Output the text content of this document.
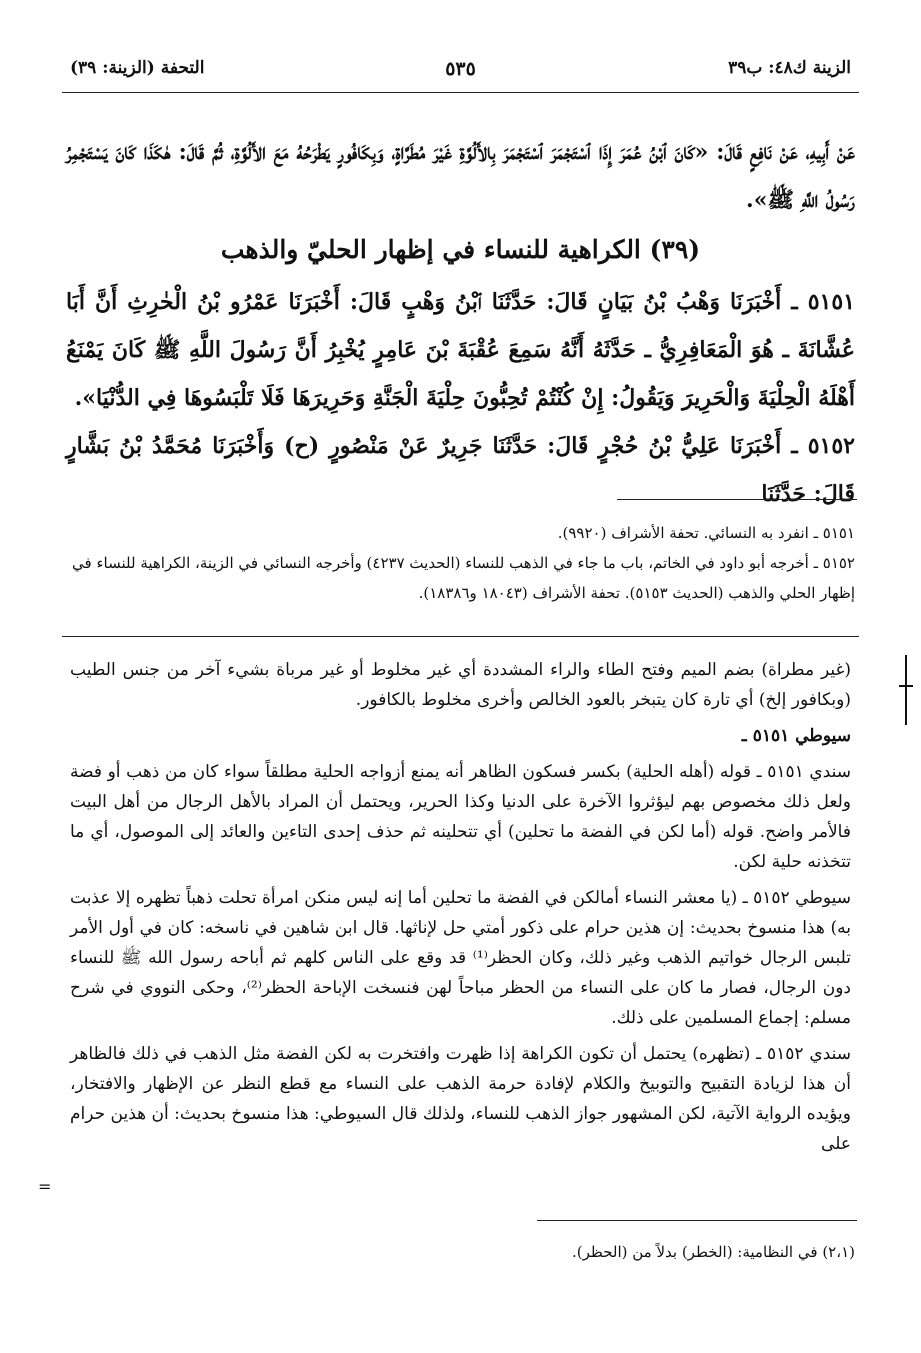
الزينة ك٤٨: ب٣٩
٥٣٥
التحفة (الزينة: ٣٩)

عَنْ أَبِيهِ، عَنْ نَافِعٍ قَالَ: «كَانَ ٱبْنُ عُمَرَ إِذَا ٱسْتَجْمَرَ ٱسْتَجْمَرَ بِالأَلُوَّةِ غَيْرَ مُطَرَّاةٍ، وَبِكَافُورٍ يَطْرَحُهُ مَعَ الأَلُوَّةِ، ثُمَّ قَالَ: هٰكَذَا كَانَ يَسْتَجْمِرُ رَسُولُ اللَّهِ ﷺ».

(٣٩) الكراهية للنساء في إظهار الحليّ والذهب

٥١٥١ ـ أَخْبَرَنَا وَهْبُ بْنُ بَيَانٍ قَالَ: حَدَّثَنَا ٱبْنُ وَهْبٍ قَالَ: أَخْبَرَنَا عَمْرُو بْنُ الْحٰرِثِ أَنَّ أَبَا عُشَّانَةَ ـ هُوَ الْمَعَافِرِيُّ ـ حَدَّثَهُ أَنَّهُ سَمِعَ عُقْبَةَ بْنَ عَامِرٍ يُخْبِرُ أَنَّ رَسُولَ اللَّهِ ﷺ كَانَ يَمْنَعُ أَهْلَهُ الْحِلْيَةَ وَالْحَرِيرَ وَيَقُولُ: إِنْ كُنْتُمْ تُحِبُّونَ حِلْيَةَ الْجَنَّةِ وَحَرِيرَهَا فَلَا تَلْبَسُوهَا فِي الدُّنْيَا».

٥١٥٢ ـ أَخْبَرَنَا عَلِيُّ بْنُ حُجْرٍ قَالَ: حَدَّثَنَا جَرِيرٌ عَنْ مَنْصُورٍ (ح) وَأَخْبَرَنَا مُحَمَّدُ بْنُ بَشَّارٍ قَالَ: حَدَّثَنَا

٥١٥١ ـ انفرد به النسائي. تحفة الأشراف (٩٩٢٠).

٥١٥٢ ـ أخرجه أبو داود في الخاتم، باب ما جاء في الذهب للنساء (الحديث ٤٢٣٧) وأخرجه النسائي في الزينة، الكراهية للنساء في إظهار الحلي والذهب (الحديث ٥١٥٣). تحفة الأشراف (١٨٠٤٣ و١٨٣٨٦).

(غير مطراة) بضم الميم وفتح الطاء والراء المشددة أي غير مخلوط أو غير مرباة بشيء آخر من جنس الطيب (وبكافور إلخ) أي تارة كان يتبخر بالعود الخالص وأخرى مخلوط بالكافور.

سيوطي ٥١٥١ ـ

سندي ٥١٥١ ـ قوله (أهله الحلية) بكسر فسكون الظاهر أنه يمنع أزواجه الحلية مطلقاً سواء كان من ذهب أو فضة ولعل ذلك مخصوص بهم ليؤثروا الآخرة على الدنيا وكذا الحرير، ويحتمل أن المراد بالأهل الرجال من أهل البيت فالأمر واضح. قوله (أما لكن في الفضة ما تحلين) أي تتحلينه ثم حذف إحدى التاءين والعائد إلى الموصول، أي ما تتخذنه حلية لكن.

سيوطي ٥١٥٢ ـ (يا معشر النساء أمالكن في الفضة ما تحلين أما إنه ليس منكن امرأة تحلت ذهباً تظهره إلا عذبت به) هذا منسوخ بحديث: إن هذين حرام على ذكور أمتي حل لإناثها. قال ابن شاهين في ناسخه: كان في أول الأمر تلبس الرجال خواتيم الذهب وغير ذلك، وكان الحظر⁽¹⁾ قد وقع على الناس كلهم ثم أباحه رسول الله ﷺ للنساء دون الرجال، فصار ما كان على النساء من الحظر مباحاً لهن فنسخت الإباحة الحظر⁽²⁾، وحكى النووي في شرح مسلم: إجماع المسلمين على ذلك.

سندي ٥١٥٢ ـ (تظهره) يحتمل أن تكون الكراهة إذا ظهرت وافتخرت به لكن الفضة مثل الذهب في ذلك فالظاهر أن هذا لزيادة التقبيح والتوبيخ والكلام لإفادة حرمة الذهب على النساء مع قطع النظر عن الإظهار والافتخار، ويؤيده الرواية الآتية، لكن المشهور جواز الذهب للنساء، ولذلك قال السيوطي: هذا منسوخ بحديث: أن هذين حرام على

=

(٢،١) في النظامية: (الخطر) بدلاً من (الحظر).
